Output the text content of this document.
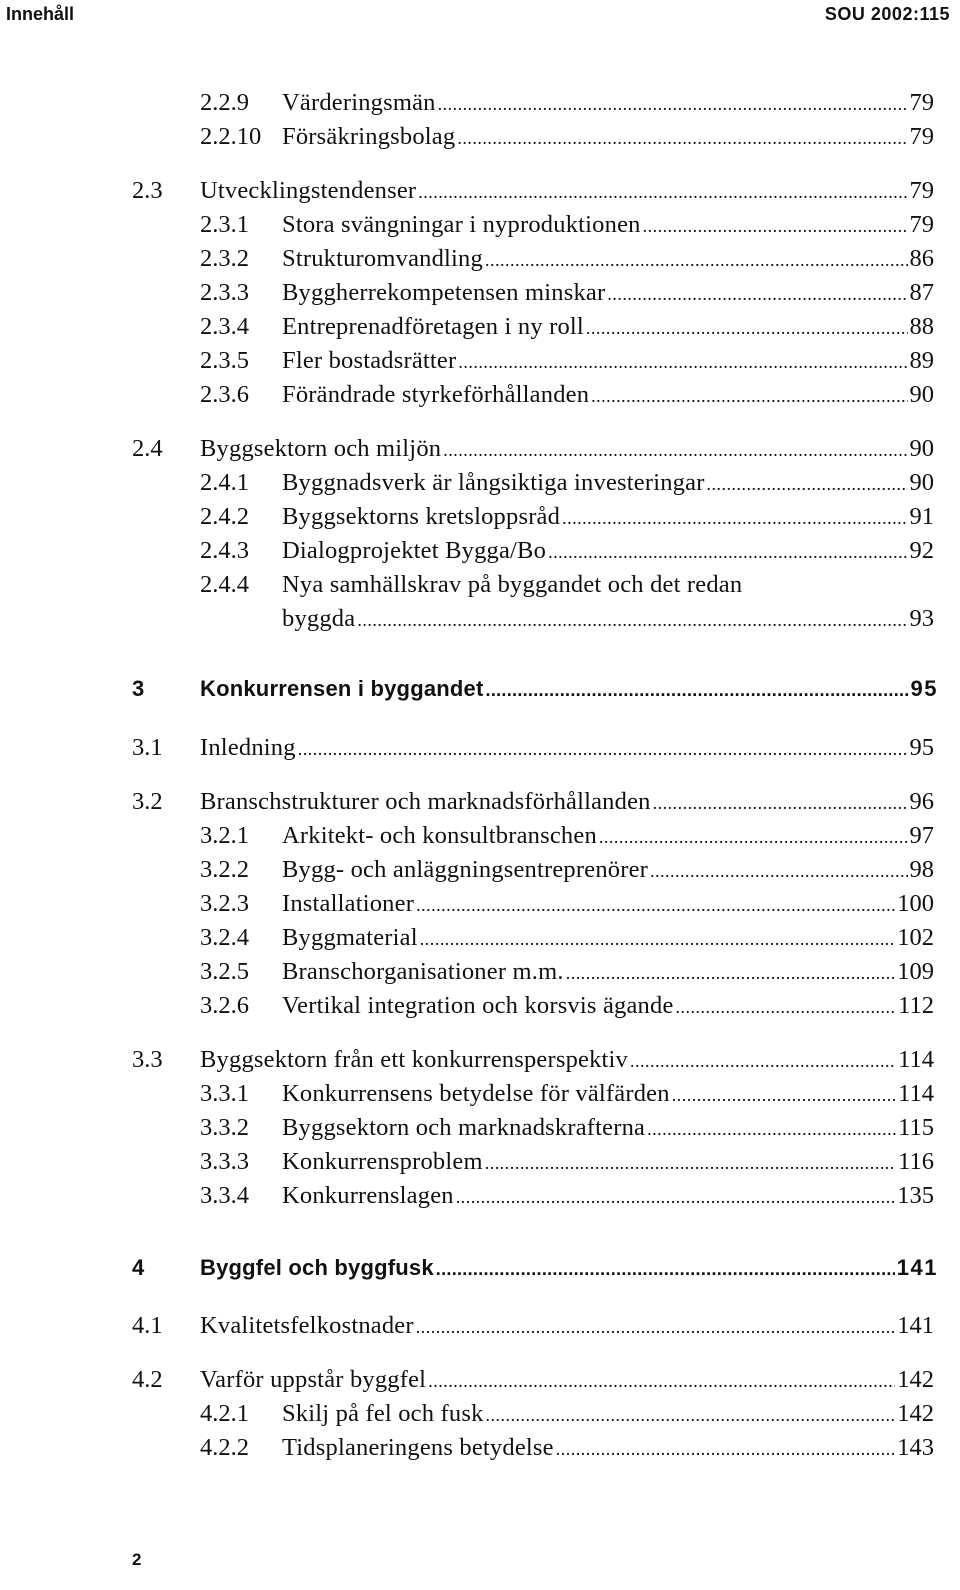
Innehåll	SOU 2002:115
2.2.9 Värderingsmän .....	79
2.2.10 Försäkringsbolag .....	79
2.3 Utvecklingstendenser .....	79
2.3.1 Stora svängningar i nyproduktionen .....	79
2.3.2 Strukturomvandling .....	86
2.3.3 Byggherrekompetensen minskar .....	87
2.3.4 Entreprenadföretagen i ny roll .....	88
2.3.5 Fler bostadsrätter .....	89
2.3.6 Förändrade styrkeförhållanden .....	90
2.4 Byggsektorn och miljön .....	90
2.4.1 Byggnadsverk är långsiktiga investeringar .....	90
2.4.2 Byggsektorns kretsloppsråd .....	91
2.4.3 Dialogprojektet Bygga/Bo .....	92
2.4.4 Nya samhällskrav på byggandet och det redan
byggda .....	93
3	Konkurrensen i byggandet .....	95
3.1 Inledning .....	95
3.2 Branschstrukturer och marknadsförhållanden .....	96
3.2.1 Arkitekt- och konsultbranschen .....	97
3.2.2 Bygg- och anläggningsentreprenörer .....	98
3.2.3 Installationer .....	100
3.2.4 Byggmaterial .....	102
3.2.5 Branschorganisationer m.m. .....	109
3.2.6 Vertikal integration och korsvis ägande .....	112
3.3 Byggsektorn från ett konkurrensperspektiv .....	114
3.3.1 Konkurrensens betydelse för välfärden .....	114
3.3.2 Byggsektorn och marknadskrafterna .....	115
3.3.3 Konkurrensproblem .....	116
3.3.4 Konkurrenslagen .....	135
4	Byggfel och byggfusk .....	141
4.1 Kvalitetsfelkostnader .....	141
4.2 Varför uppstår byggfel .....	142
4.2.1 Skilj på fel och fusk .....	142
4.2.2 Tidsplaneringens betydelse .....	143
2
